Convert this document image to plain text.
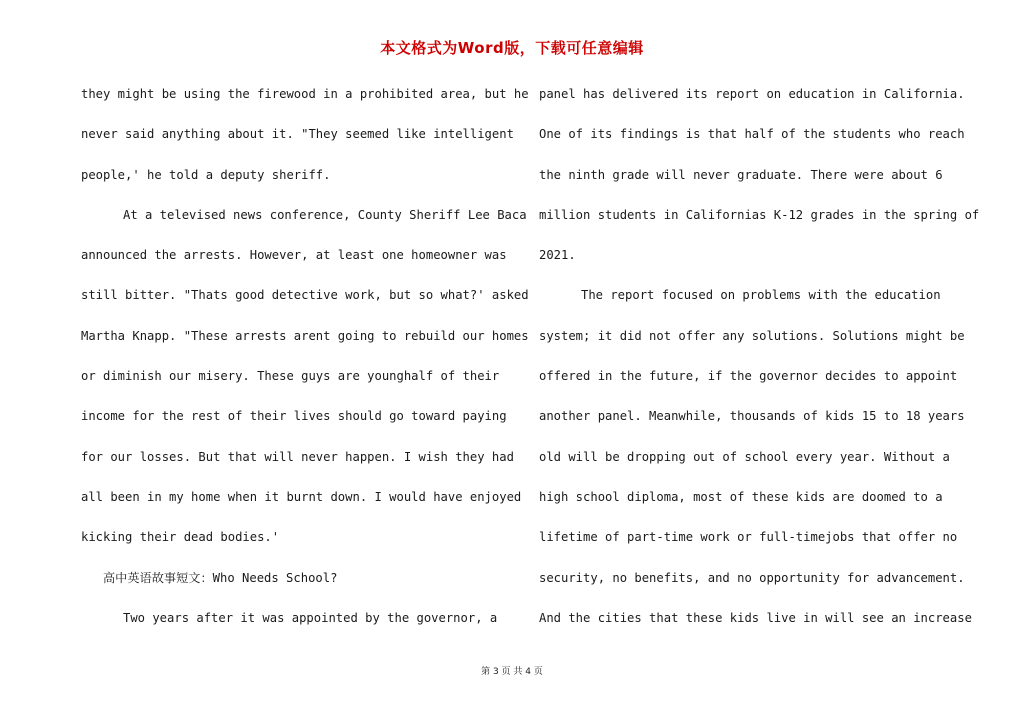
本文格式为Word版，下载可任意编辑
they might be using the firewood in a prohibited area, but he
never said anything about it. "They seemed like intelligent
people,' he told a deputy sheriff.
At a televised news conference, County Sheriff Lee Baca
announced the arrests. However, at least one homeowner was
still bitter. "Thats good detective work, but so what?' asked
Martha Knapp. "These arrests arent going to rebuild our homes
or diminish our misery. These guys are younghalf of their
income for the rest of their lives should go toward paying
for our losses. But that will never happen. I wish they had
all been in my home when it burnt down. I would have enjoyed
kicking their dead bodies.'
高中英语故事短文：Who Needs School?
Two years after it was appointed by the governor, a
panel has delivered its report on education in California.
One of its findings is that half of the students who reach
the ninth grade will never graduate. There were about 6
million students in Californias K-12 grades in the spring of
2021.
The report focused on problems with the education
system; it did not offer any solutions. Solutions might be
offered in the future, if the governor decides to appoint
another panel. Meanwhile, thousands of kids 15 to 18 years
old will be dropping out of school every year. Without a
high school diploma, most of these kids are doomed to a
lifetime of part-time work or full-timejobs that offer no
security, no benefits, and no opportunity for advancement.
And the cities that these kids live in will see an increase
第 3 页 共 4 页
